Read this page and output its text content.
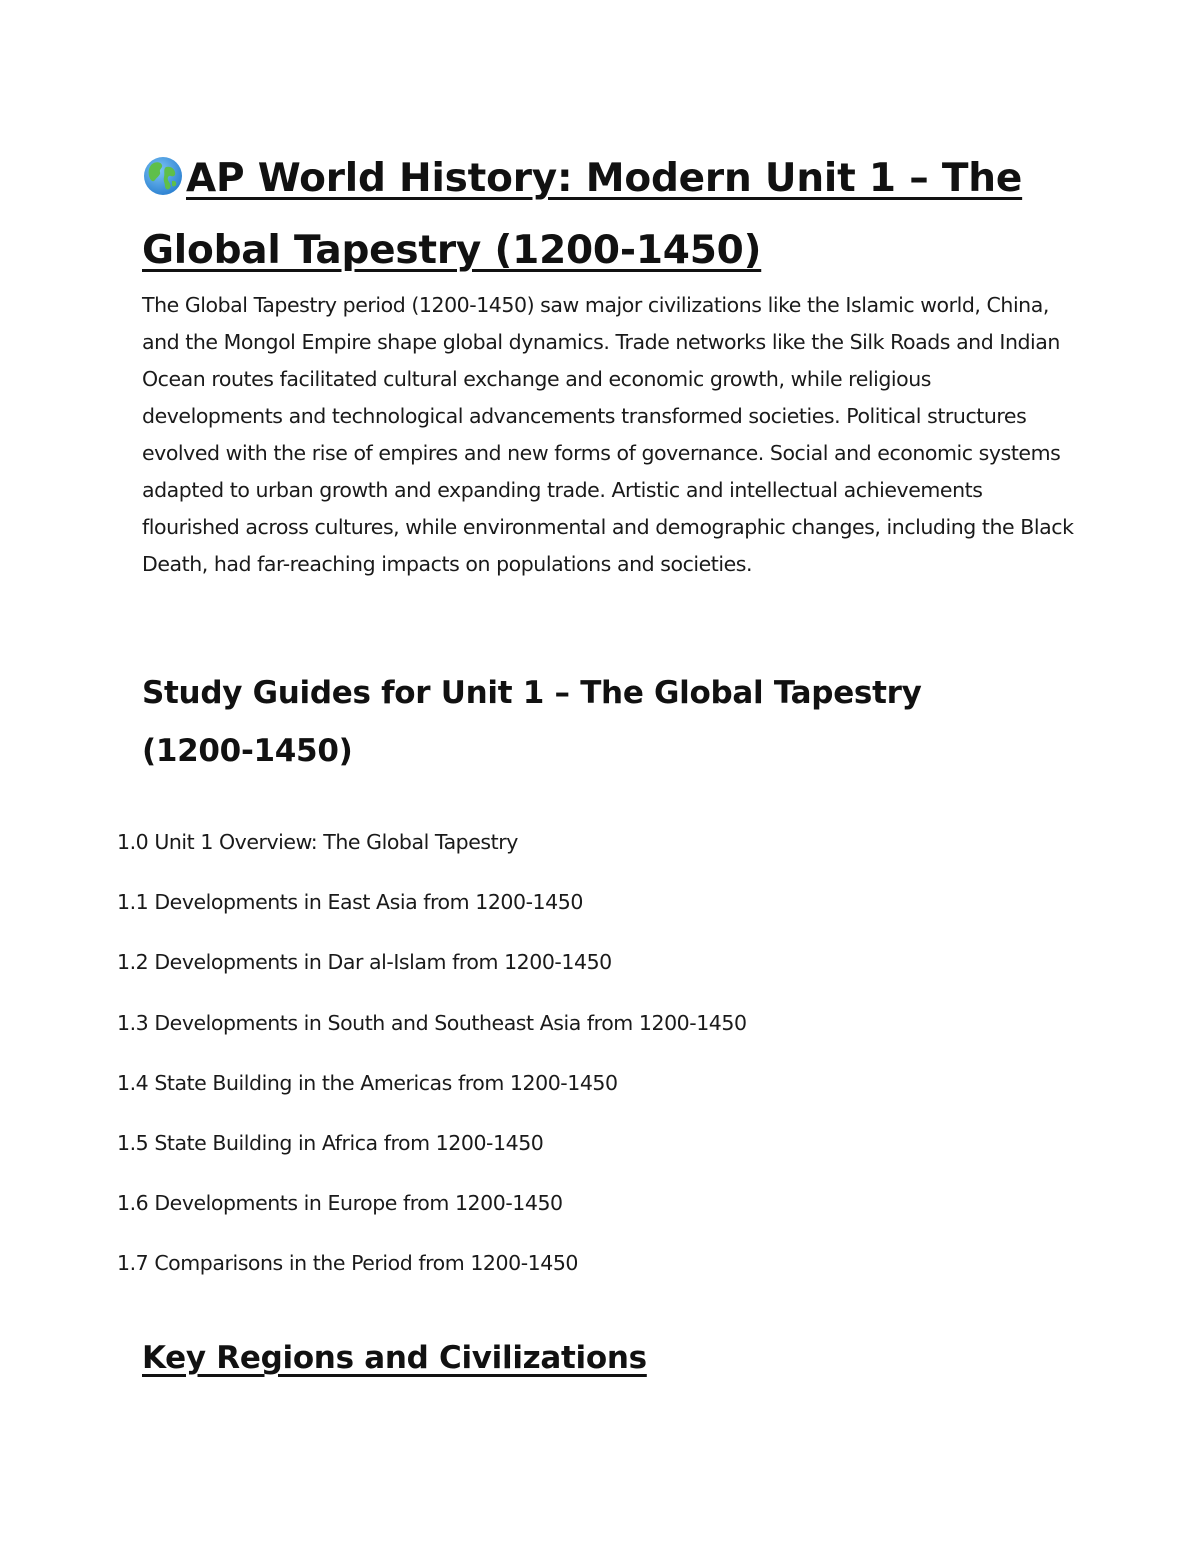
AP World History: Modern Unit 1 – The Global Tapestry (1200-1450)

The Global Tapestry period (1200-1450) saw major civilizations like the Islamic world, China, and the Mongol Empire shape global dynamics. Trade networks like the Silk Roads and Indian Ocean routes facilitated cultural exchange and economic growth, while religious developments and technological advancements transformed societies. Political structures evolved with the rise of empires and new forms of governance. Social and economic systems adapted to urban growth and expanding trade. Artistic and intellectual achievements flourished across cultures, while environmental and demographic changes, including the Black Death, had far-reaching impacts on populations and societies.

Study Guides for Unit 1 – The Global Tapestry (1200-1450)
1.0 Unit 1 Overview: The Global Tapestry
1.1 Developments in East Asia from 1200-1450
1.2 Developments in Dar al-Islam from 1200-1450
1.3 Developments in South and Southeast Asia from 1200-1450
1.4 State Building in the Americas from 1200-1450
1.5 State Building in Africa from 1200-1450
1.6 Developments in Europe from 1200-1450
1.7 Comparisons in the Period from 1200-1450
Key Regions and Civilizations
